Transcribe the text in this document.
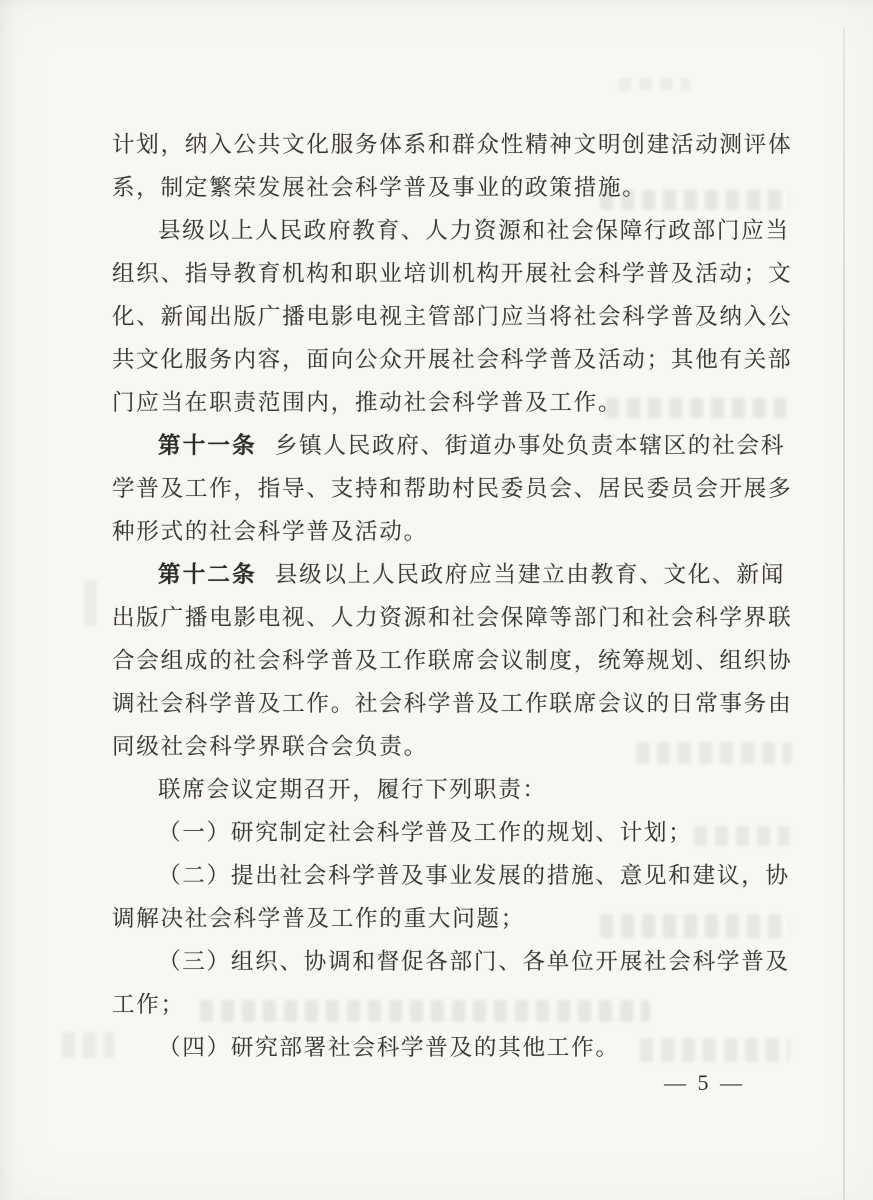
计划，纳入公共文化服务体系和群众性精神文明创建活动测评体
系，制定繁荣发展社会科学普及事业的政策措施。
县级以上人民政府教育、人力资源和社会保障行政部门应当
组织、指导教育机构和职业培训机构开展社会科学普及活动；文
化、新闻出版广播电影电视主管部门应当将社会科学普及纳入公
共文化服务内容，面向公众开展社会科学普及活动；其他有关部
门应当在职责范围内，推动社会科学普及工作。
第十一条 乡镇人民政府、街道办事处负责本辖区的社会科
学普及工作，指导、支持和帮助村民委员会、居民委员会开展多
种形式的社会科学普及活动。
第十二条 县级以上人民政府应当建立由教育、文化、新闻
出版广播电影电视、人力资源和社会保障等部门和社会科学界联
合会组成的社会科学普及工作联席会议制度，统筹规划、组织协
调社会科学普及工作。社会科学普及工作联席会议的日常事务由
同级社会科学界联合会负责。
联席会议定期召开，履行下列职责：
（一）研究制定社会科学普及工作的规划、计划；
（二）提出社会科学普及事业发展的措施、意见和建议，协
调解决社会科学普及工作的重大问题；
（三）组织、协调和督促各部门、各单位开展社会科学普及
工作；
（四）研究部署社会科学普及的其他工作。
— 5 —
